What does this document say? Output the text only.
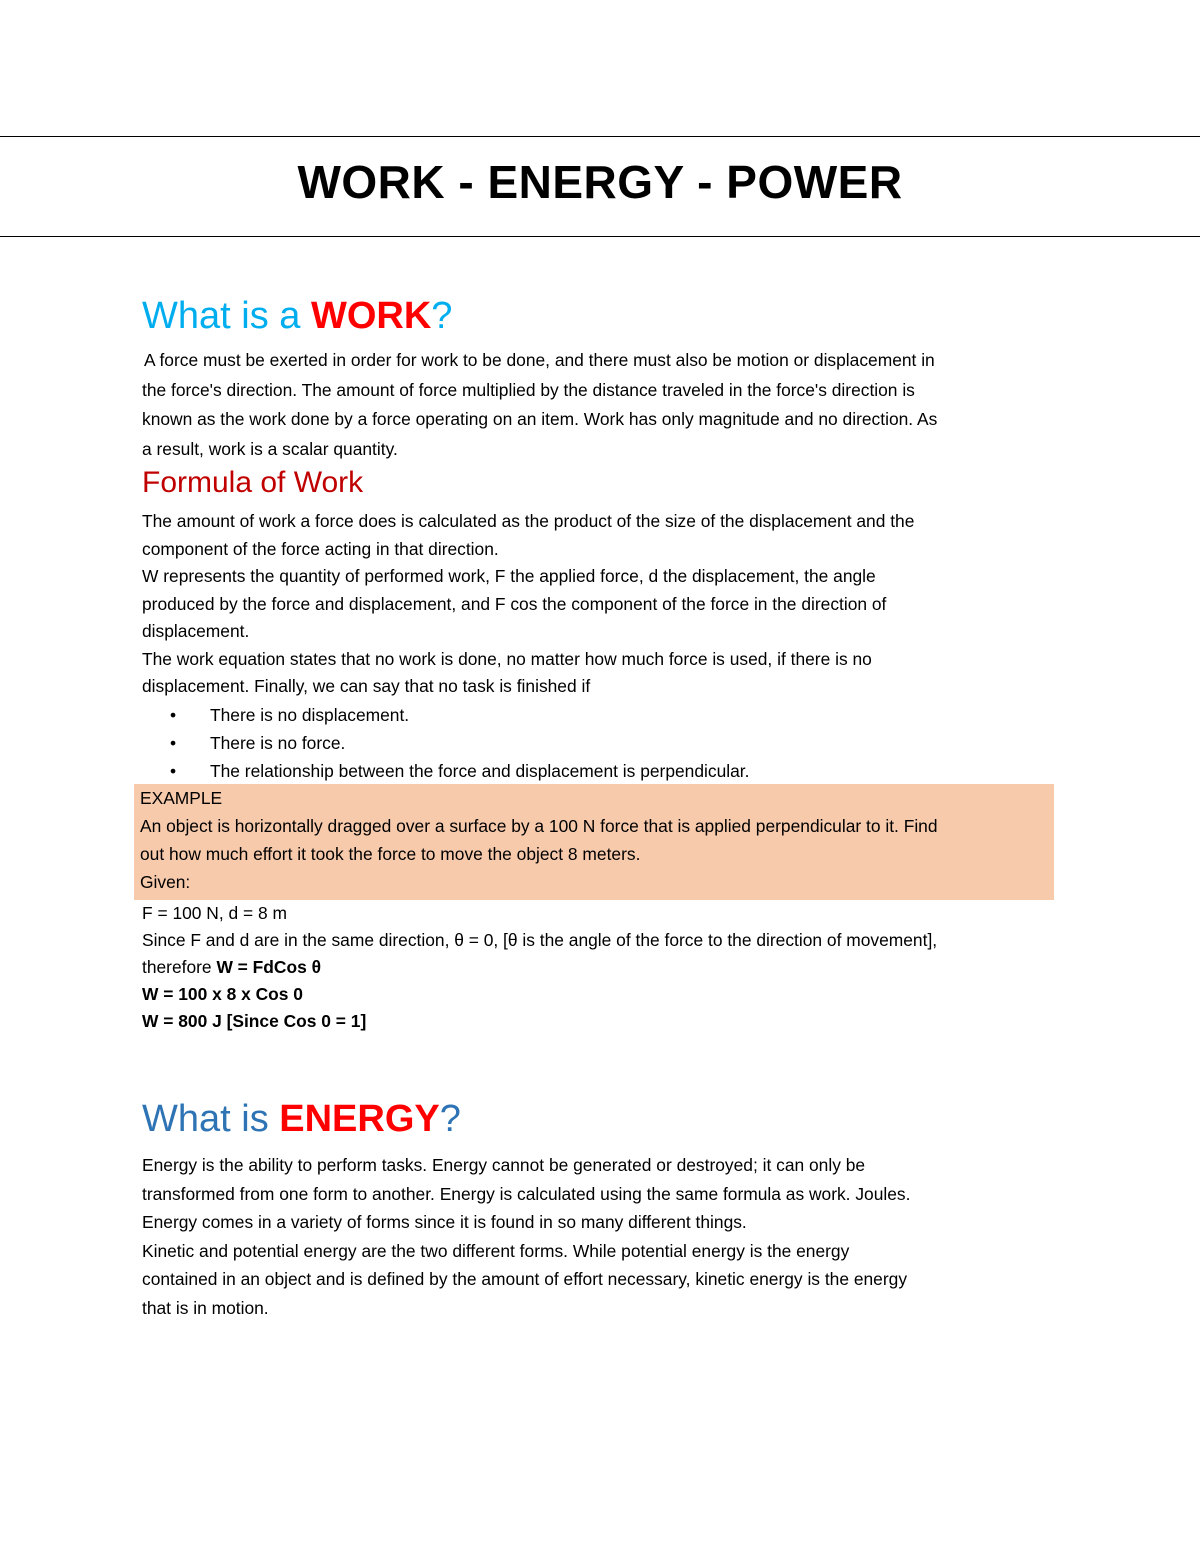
WORK - ENERGY - POWER
What is a WORK?
A force must be exerted in order for work to be done, and there must also be motion or displacement in
the force's direction. The amount of force multiplied by the distance traveled in the force's direction is
known as the work done by a force operating on an item. Work has only magnitude and no direction. As
a result, work is a scalar quantity.
Formula of Work
The amount of work a force does is calculated as the product of the size of the displacement and the
component of the force acting in that direction.
W represents the quantity of performed work, F the applied force, d the displacement, the angle
produced by the force and displacement, and F cos the component of the force in the direction of
displacement.
The work equation states that no work is done, no matter how much force is used, if there is no
displacement. Finally, we can say that no task is finished if
• There is no displacement.
• There is no force.
• The relationship between the force and displacement is perpendicular.
EXAMPLE
An object is horizontally dragged over a surface by a 100 N force that is applied perpendicular to it. Find
out how much effort it took the force to move the object 8 meters.
Given:
F = 100 N, d = 8 m
Since F and d are in the same direction, θ = 0, [θ is the angle of the force to the direction of movement],
therefore W = FdCos θ
W = 100 x 8 x Cos 0
W = 800 J [Since Cos 0 = 1]
What is ENERGY?
Energy is the ability to perform tasks. Energy cannot be generated or destroyed; it can only be
transformed from one form to another. Energy is calculated using the same formula as work. Joules.
Energy comes in a variety of forms since it is found in so many different things.
Kinetic and potential energy are the two different forms. While potential energy is the energy
contained in an object and is defined by the amount of effort necessary, kinetic energy is the energy
that is in motion.
